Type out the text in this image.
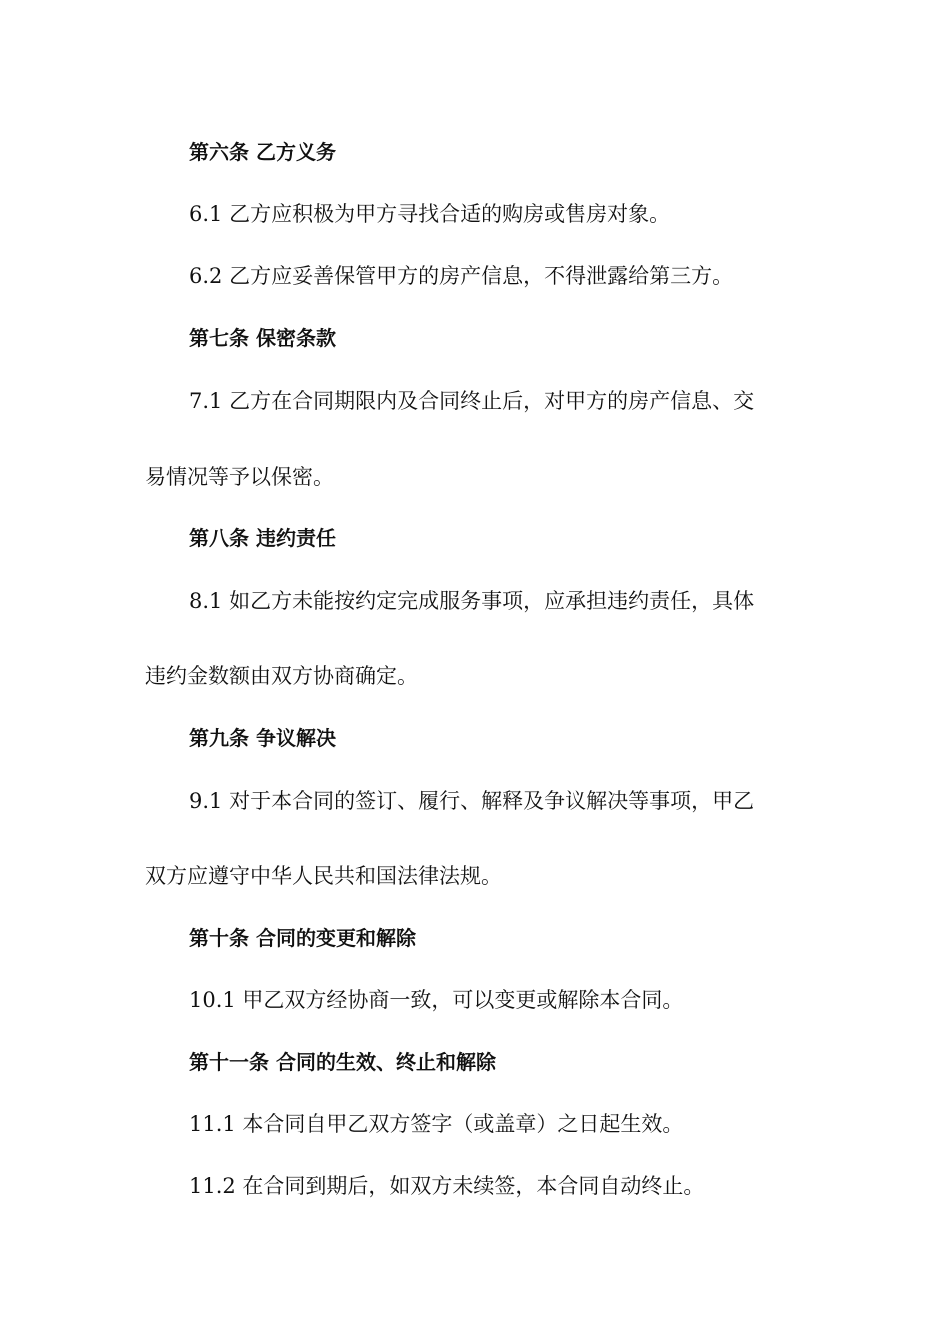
第六条 乙方义务
6.1 乙方应积极为甲方寻找合适的购房或售房对象。
6.2 乙方应妥善保管甲方的房产信息，不得泄露给第三方。
第七条 保密条款
7.1 乙方在合同期限内及合同终止后，对甲方的房产信息、交
易情况等予以保密。
第八条 违约责任
8.1 如乙方未能按约定完成服务事项，应承担违约责任，具体
违约金数额由双方协商确定。
第九条 争议解决
9.1 对于本合同的签订、履行、解释及争议解决等事项，甲乙
双方应遵守中华人民共和国法律法规。
第十条 合同的变更和解除
10.1 甲乙双方经协商一致，可以变更或解除本合同。
第十一条 合同的生效、终止和解除
11.1 本合同自甲乙双方签字（或盖章）之日起生效。
11.2 在合同到期后，如双方未续签，本合同自动终止。
